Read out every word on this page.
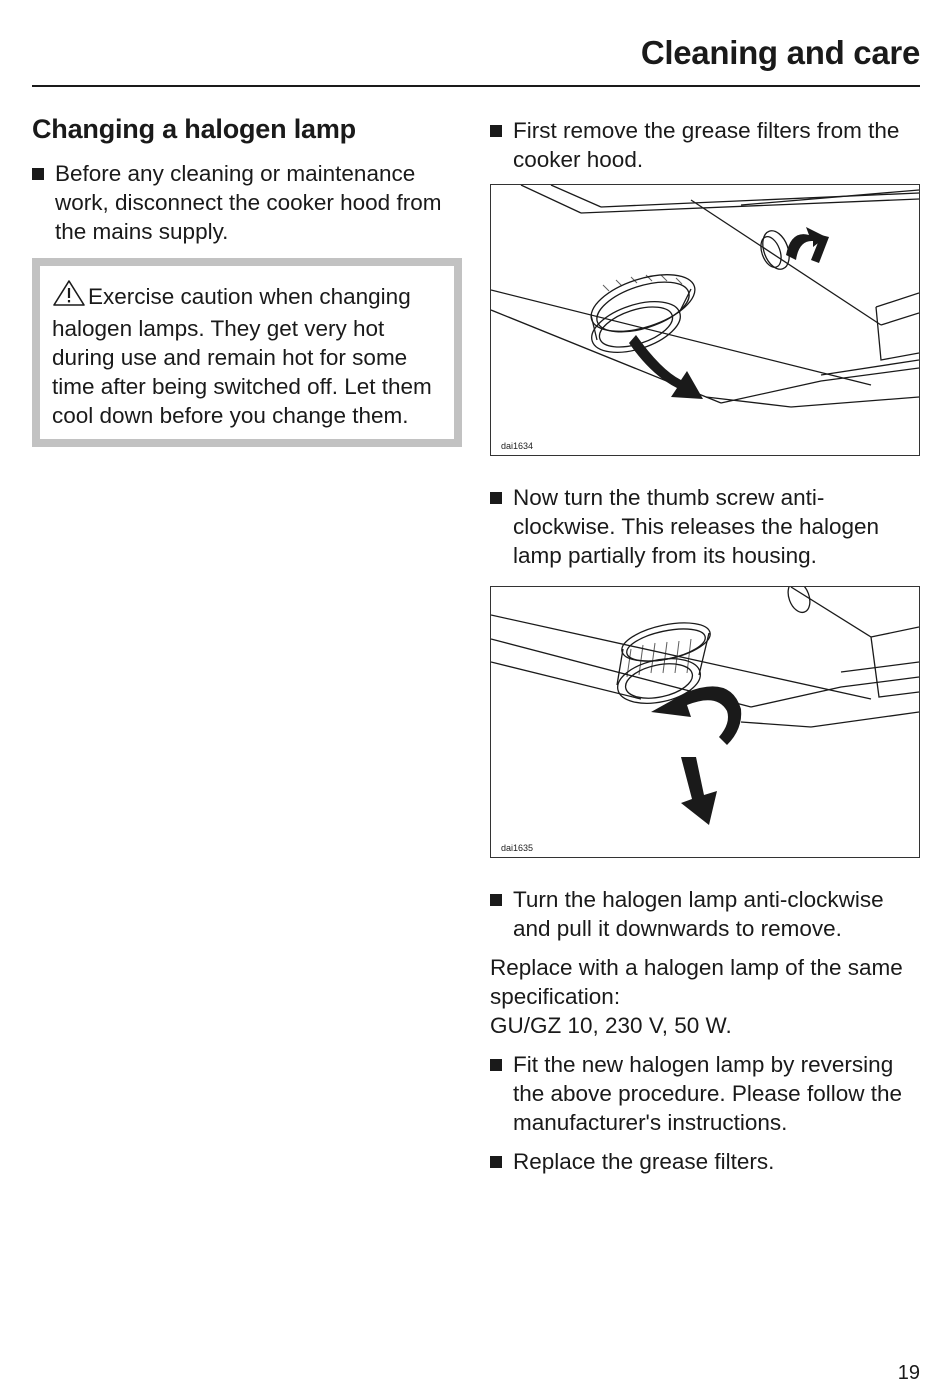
Cleaning and care
Changing a halogen lamp

Before any cleaning or maintenance work, disconnect the cooker hood from the mains supply.

Exercise caution when changing halogen lamps. They get very hot during use and remain hot for some time after being switched off. Let them cool down before you change them.

First remove the grease filters from the cooker hood.

dai1634

Now turn the thumb screw anti-clockwise. This releases the halogen lamp partially from its housing.

dai1635

Turn the halogen lamp anti-clockwise and pull it downwards to remove.

Replace with a halogen lamp of the same specification:

GU/GZ 10, 230 V, 50 W.

Fit the new halogen lamp by reversing the above procedure. Please follow the manufacturer's instructions.

Replace the grease filters.

19
